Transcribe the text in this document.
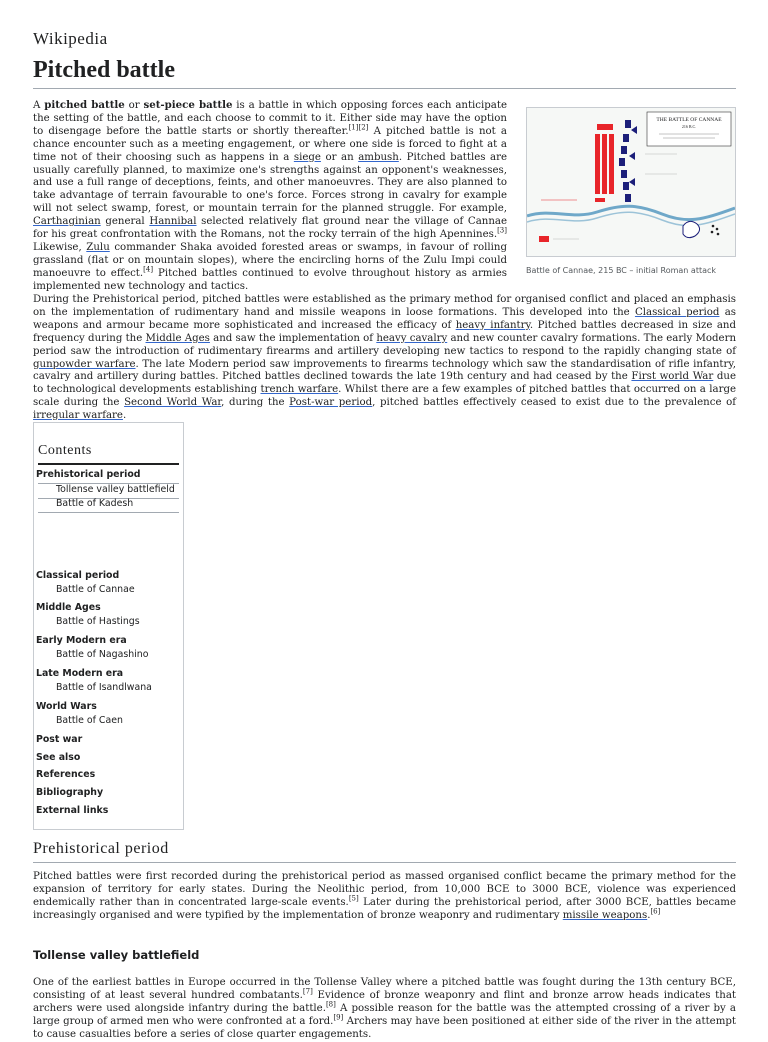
Wikipedia
Pitched battle
A pitched battle or set-piece battle is a battle in which opposing forces each anticipate the setting of the battle, and each choose to commit to it. Either side may have the option to disengage before the battle starts or shortly thereafter.[1][2] A pitched battle is not a chance encounter such as a meeting engagement, or where one side is forced to fight at a time not of their choosing such as happens in a siege or an ambush. Pitched battles are usually carefully planned, to maximize one's strengths against an opponent's weaknesses, and use a full range of deceptions, feints, and other manoeuvres. They are also planned to take advantage of terrain favourable to one's force. Forces strong in cavalry for example will not select swamp, forest, or mountain terrain for the planned struggle. For example, Carthaginian general Hannibal selected relatively flat ground near the village of Cannae for his great confrontation with the Romans, not the rocky terrain of the high Apennines.[3] Likewise, Zulu commander Shaka avoided forested areas or swamps, in favour of rolling grassland (flat or on mountain slopes), where the encircling horns of the Zulu Impi could manoeuvre to effect.[4] Pitched battles continued to evolve throughout history as armies implemented new technology and tactics.
THE BATTLE OF CANNAE
216 B.C.
Battle of Cannae, 215 BC – initial Roman attack
During the Prehistorical period, pitched battles were established as the primary method for organised conflict and placed an emphasis on the implementation of rudimentary hand and missile weapons in loose formations. This developed into the Classical period as weapons and armour became more sophisticated and increased the efficacy of heavy infantry. Pitched battles decreased in size and frequency during the Middle Ages and saw the implementation of heavy cavalry and new counter cavalry formations. The early Modern period saw the introduction of rudimentary firearms and artillery developing new tactics to respond to the rapidly changing state of gunpowder warfare. The late Modern period saw improvements to firearms technology which saw the standardisation of rifle infantry, cavalry and artillery during battles. Pitched battles declined towards the late 19th century and had ceased by the First world War due to technological developments establishing trench warfare. Whilst there are a few examples of pitched battles that occurred on a large scale during the Second World War, during the Post-war period, pitched battles effectively ceased to exist due to the prevalence of irregular warfare.
Contents
Prehistorical period
Tollense valley battlefield
Battle of Kadesh
Classical period
Battle of Cannae
Middle Ages
Battle of Hastings
Early Modern era
Battle of Nagashino
Late Modern era
Battle of Isandlwana
World Wars
Battle of Caen
Post war
See also
References
Bibliography
External links
Prehistorical period
Pitched battles were first recorded during the prehistorical period as massed organised conflict became the primary method for the expansion of territory for early states. During the Neolithic period, from 10,000 BCE to 3000 BCE, violence was experienced endemically rather than in concentrated large-scale events.[5] Later during the prehistorical period, after 3000 BCE, battles became increasingly organised and were typified by the implementation of bronze weaponry and rudimentary missile weapons.[6]
Tollense valley battlefield
One of the earliest battles in Europe occurred in the Tollense Valley where a pitched battle was fought during the 13th century BCE, consisting of at least several hundred combatants.[7] Evidence of bronze weaponry and flint and bronze arrow heads indicates that archers were used alongside infantry during the battle.[8] A possible reason for the battle was the attempted crossing of a river by a large group of armed men who were confronted at a ford.[9] Archers may have been positioned at either side of the river in the attempt to cause casualties before a series of close quarter engagements.
